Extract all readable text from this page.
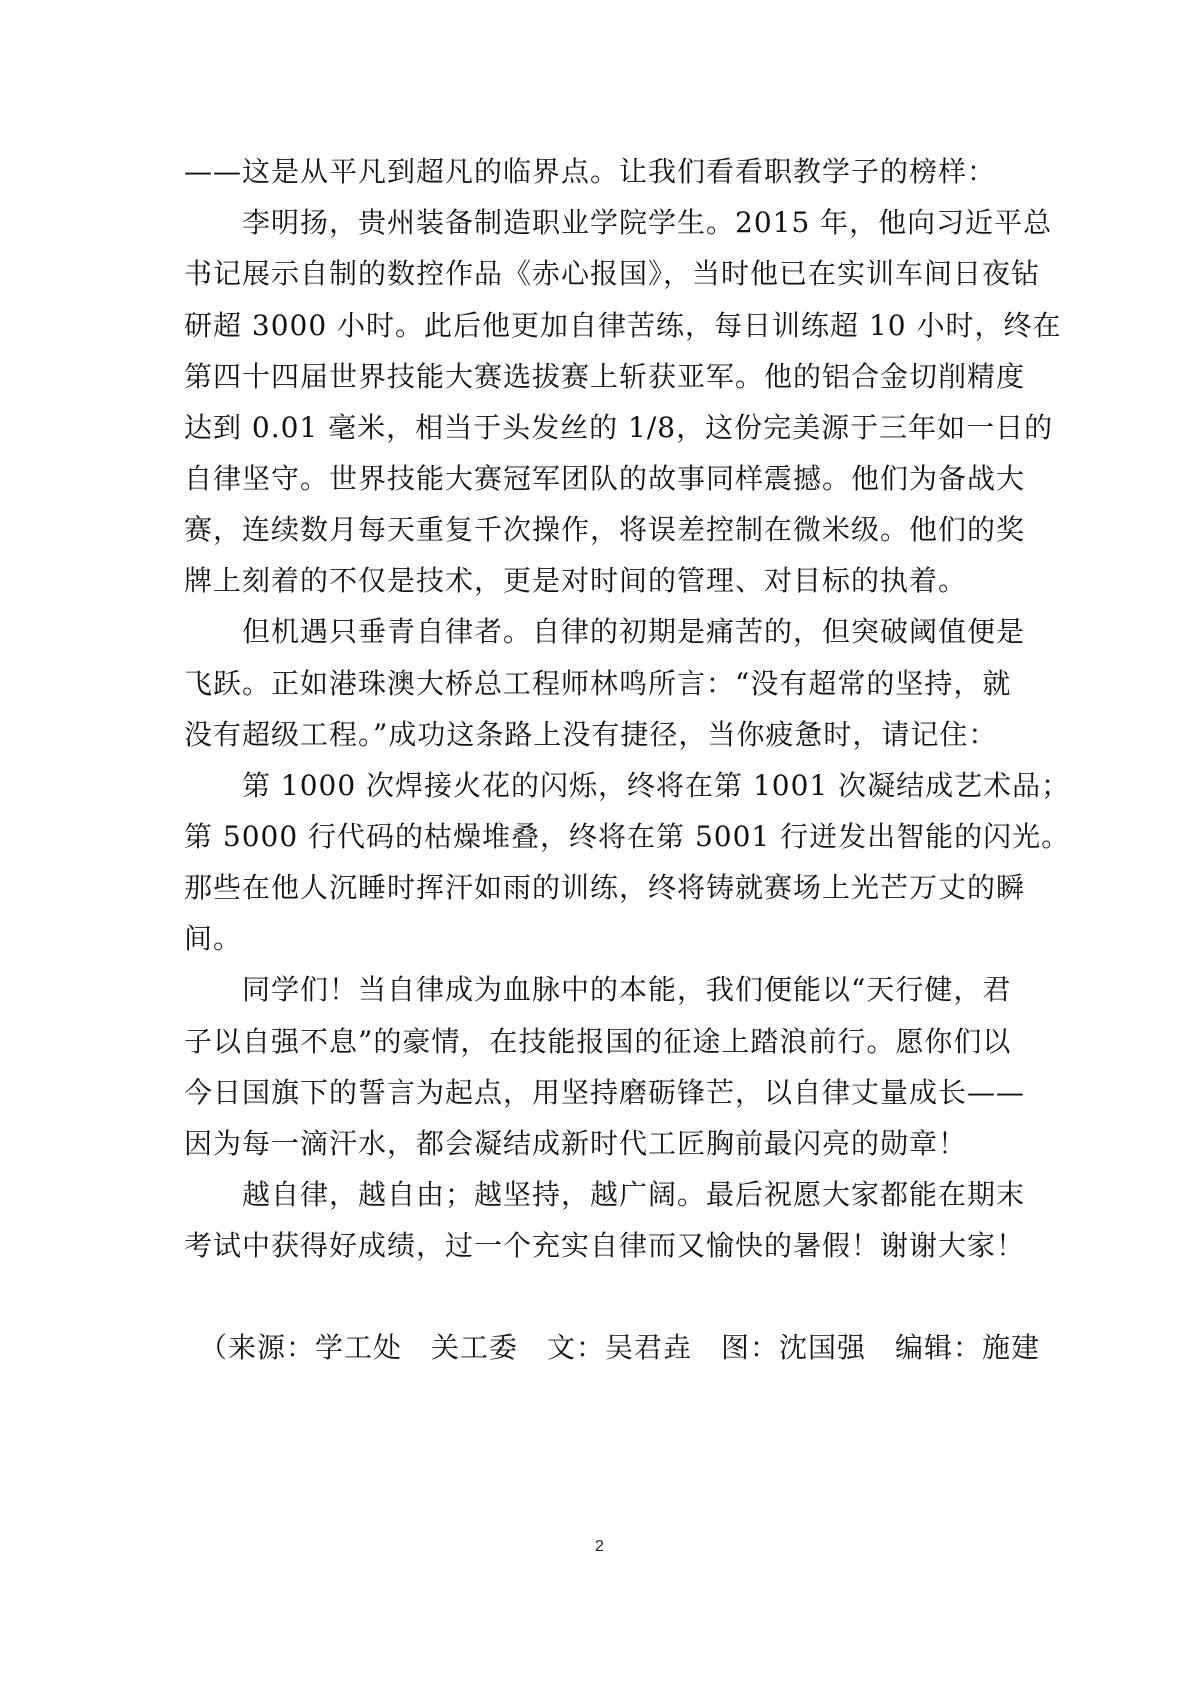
——这是从平凡到超凡的临界点。让我们看看职教学子的榜样：
　　李明扬，贵州装备制造职业学院学生。2015 年，他向习近平总
书记展示自制的数控作品《赤心报国》，当时他已在实训车间日夜钻
研超 3000 小时。此后他更加自律苦练，每日训练超 10 小时，终在
第四十四届世界技能大赛选拔赛上斩获亚军。他的铝合金切削精度
达到 0.01 毫米，相当于头发丝的 1/8，这份完美源于三年如一日的
自律坚守。世界技能大赛冠军团队的故事同样震撼。他们为备战大
赛，连续数月每天重复千次操作，将误差控制在微米级。他们的奖
牌上刻着的不仅是技术，更是对时间的管理、对目标的执着。
　　但机遇只垂青自律者。自律的初期是痛苦的，但突破阈值便是
飞跃。正如港珠澳大桥总工程师林鸣所言：“没有超常的坚持，就
没有超级工程。”成功这条路上没有捷径，当你疲惫时，请记住：
　　第 1000 次焊接火花的闪烁，终将在第 1001 次凝结成艺术品；
第 5000 行代码的枯燥堆叠，终将在第 5001 行迸发出智能的闪光。
那些在他人沉睡时挥汗如雨的训练，终将铸就赛场上光芒万丈的瞬
间。
　　同学们！当自律成为血脉中的本能，我们便能以“天行健，君
子以自强不息”的豪情，在技能报国的征途上踏浪前行。愿你们以
今日国旗下的誓言为起点，用坚持磨砺锋芒，以自律丈量成长——
因为每一滴汗水，都会凝结成新时代工匠胸前最闪亮的勋章！
　　越自律，越自由；越坚持，越广阔。最后祝愿大家都能在期末
考试中获得好成绩，过一个充实自律而又愉快的暑假！谢谢大家！
　（来源：学工处　关工委　文：吴君垚　图：沈国强　编辑：施建
2
